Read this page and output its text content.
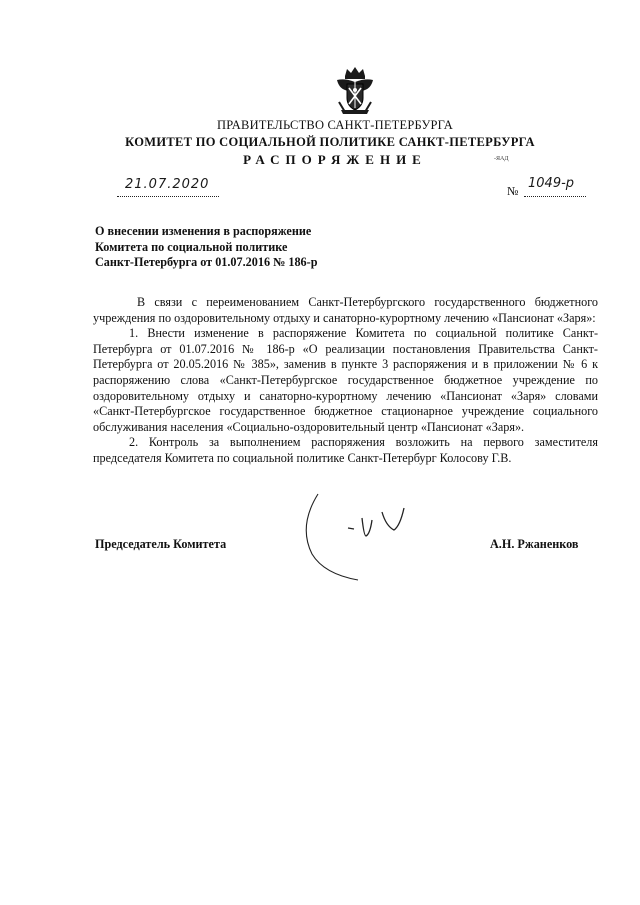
ПРАВИТЕЛЬСТВО САНКТ-ПЕТЕРБУРГА
КОМИТЕТ ПО СОЦИАЛЬНОЙ ПОЛИТИКЕ САНКТ-ПЕТЕРБУРГА
РАСПОРЯЖЕНИЕ	-ЯАД
21.07.2020	№ 1049-р
О внесении изменения в распоряжение
Комитета по социальной политике
Санкт-Петербурга от 01.07.2016 № 186-р

В связи с переименованием Санкт-Петербургского государственного бюджетного учреждения по оздоровительному отдыху и санаторно-курортному лечению «Пансионат «Заря»:

1. Внести изменение в распоряжение Комитета по социальной политике Санкт-Петербурга от 01.07.2016 № 186-р «О реализации постановления Правительства Санкт-Петербурга от 20.05.2016 № 385», заменив в пункте 3 распоряжения и в приложении № 6 к распоряжению слова «Санкт-Петербургское государственное бюджетное учреждение по оздоровительному отдыху и санаторно-курортному лечению «Пансионат «Заря» словами «Санкт-Петербургское государственное бюджетное стационарное учреждение социального обслуживания населения «Социально-оздоровительный центр «Пансионат «Заря».

2. Контроль за выполнением распоряжения возложить на первого заместителя председателя Комитета по социальной политике Санкт-Петербург Колосову Г.В.

Председатель Комитета	А.Н. Ржаненков
